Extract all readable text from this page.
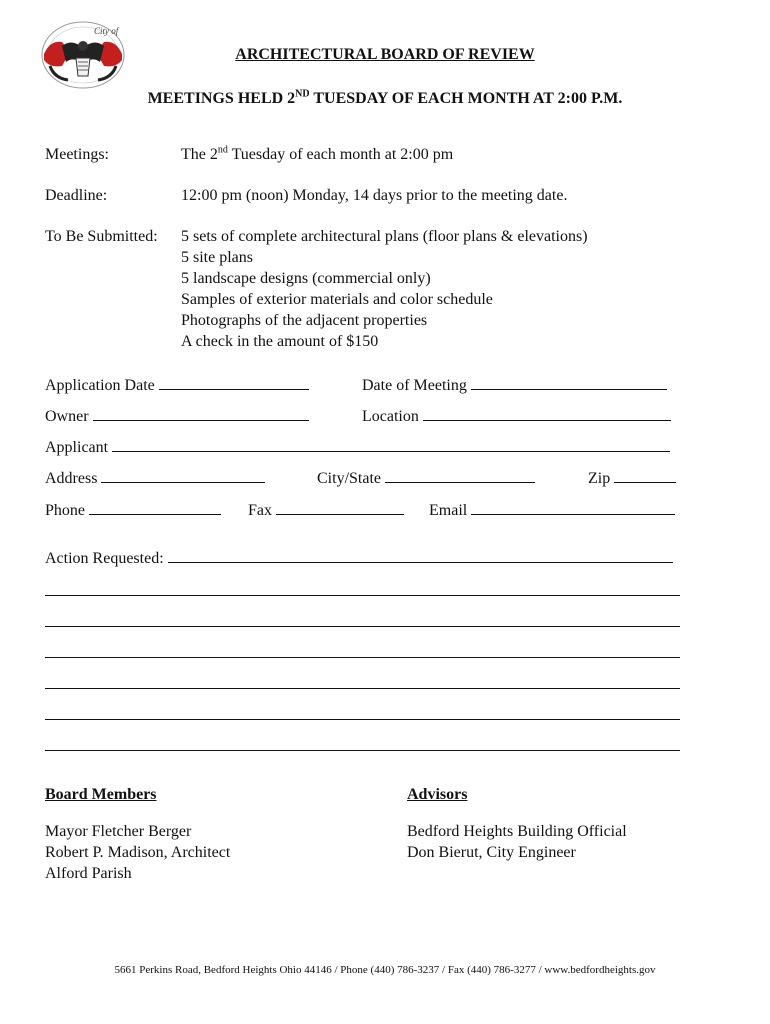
City of
ARCHITECTURAL BOARD OF REVIEW
MEETINGS HELD 2ND TUESDAY OF EACH MONTH AT 2:00 P.M.
Meetings:	The 2nd Tuesday of each month at 2:00 pm
Deadline:	12:00 pm (noon) Monday, 14 days prior to the meeting date.
To Be Submitted: 5 sets of complete architectural plans (floor plans & elevations)
5 site plans
5 landscape designs (commercial only)
Samples of exterior materials and color schedule
Photographs of the adjacent properties
A check in the amount of $150
Application Date	Date of Meeting
Owner	Location
Applicant
Address	City/State	Zip
Phone	Fax	Email
Action Requested:
Board Members
Mayor Fletcher Berger
Robert P. Madison, Architect
Alford Parish
Advisors
Bedford Heights Building Official
Don Bierut, City Engineer
5661 Perkins Road, Bedford Heights Ohio 44146 / Phone (440) 786-3237 / Fax (440) 786-3277 / www.bedfordheights.gov
